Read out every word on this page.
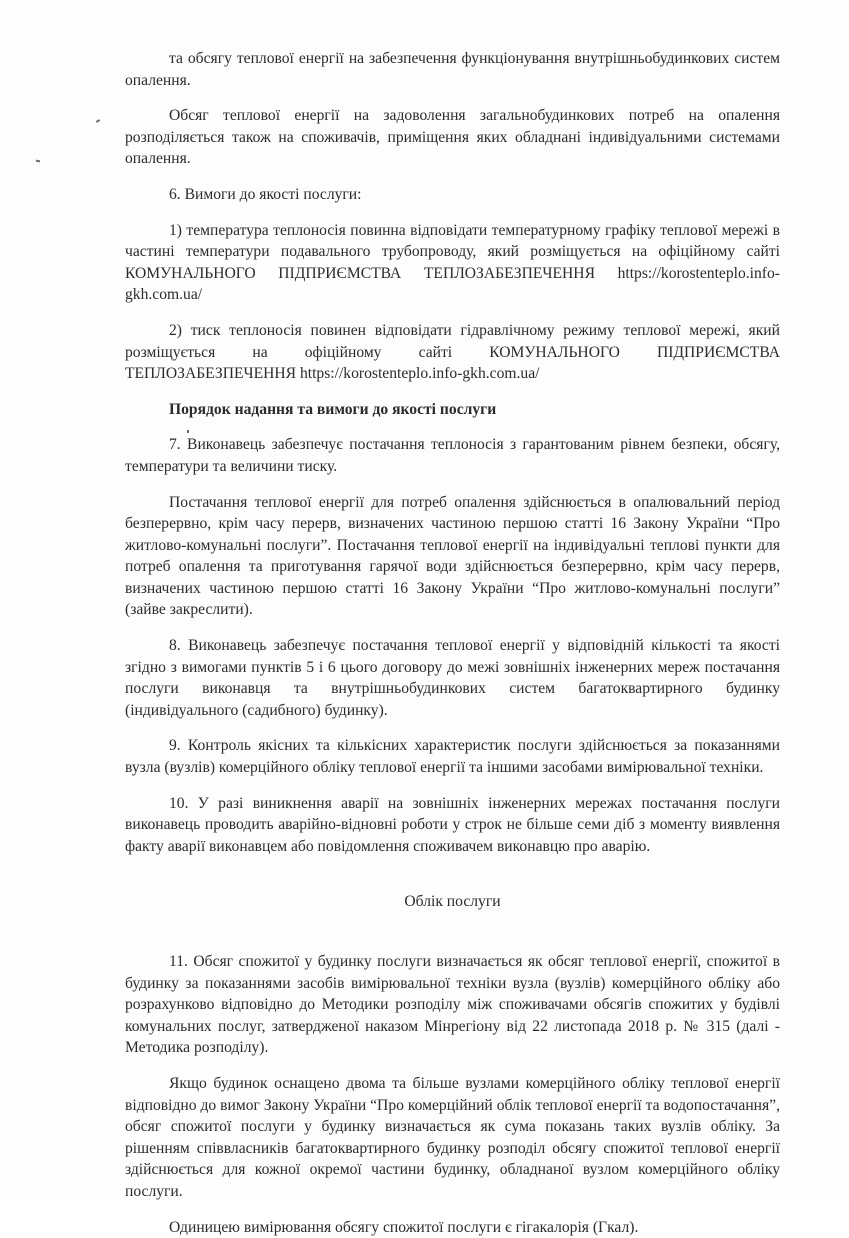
та обсягу теплової енергії на забезпечення функціонування внутрішньобудинкових систем опалення.

Обсяг теплової енергії на задоволення загальнобудинкових потреб на опалення розподіляється також на споживачів, приміщення яких обладнані індивідуальними системами опалення.

6. Вимоги до якості послуги:

1) температура теплоносія повинна відповідати температурному графіку теплової мережі в частині температури подавального трубопроводу, який розміщується на офіційному сайті КОМУНАЛЬНОГО ПІДПРИЄМСТВА ТЕПЛОЗАБЕЗПЕЧЕННЯ https://korostenteplo.info-gkh.com.ua/

2) тиск теплоносія повинен відповідати гідравлічному режиму теплової мережі, який розміщується на офіційному сайті КОМУНАЛЬНОГО ПІДПРИЄМСТВА ТЕПЛОЗАБЕЗПЕЧЕННЯ https://korostenteplo.info-gkh.com.ua/

Порядок надання та вимоги до якості послуги

7. Виконавець забезпечує постачання теплоносія з гарантованим рівнем безпеки, обсягу, температури та величини тиску.

Постачання теплової енергії для потреб опалення здійснюється в опалювальний період безперервно, крім часу перерв, визначених частиною першою статті 16 Закону України “Про житлово-комунальні послуги”. Постачання теплової енергії на індивідуальні теплові пункти для потреб опалення та приготування гарячої води здійснюється безперервно, крім часу перерв, визначених частиною першою статті 16 Закону України “Про житлово-комунальні послуги” (зайве закреслити).

8. Виконавець забезпечує постачання теплової енергії у відповідній кількості та якості згідно з вимогами пунктів 5 і 6 цього договору до межі зовнішніх інженерних мереж постачання послуги виконавця та внутрішньобудинкових систем багатоквартирного будинку (індивідуального (садибного) будинку).

9. Контроль якісних та кількісних характеристик послуги здійснюється за показаннями вузла (вузлів) комерційного обліку теплової енергії та іншими засобами вимірювальної техніки.

10. У разі виникнення аварії на зовнішніх інженерних мережах постачання послуги виконавець проводить аварійно-відновні роботи у строк не більше семи діб з моменту виявлення факту аварії виконавцем або повідомлення споживачем виконавцю про аварію.

Облік послуги

11. Обсяг спожитої у будинку послуги визначається як обсяг теплової енергії, спожитої в будинку за показаннями засобів вимірювальної техніки вузла (вузлів) комерційного обліку або розрахунково відповідно до Методики розподілу між споживачами обсягів спожитих у будівлі комунальних послуг, затвердженої наказом Мінрегіону від 22 листопада 2018 р. № 315 (далі - Методика розподілу).

Якщо будинок оснащено двома та більше вузлами комерційного обліку теплової енергії відповідно до вимог Закону України “Про комерційний облік теплової енергії та водопостачання”, обсяг спожитої послуги у будинку визначається як сума показань таких вузлів обліку. За рішенням співвласників багатоквартирного будинку розподіл обсягу спожитої теплової енергії здійснюється для кожної окремої частини будинку, обладнаної вузлом комерційного обліку послуги.

Одиницею вимірювання обсягу спожитої послуги є гігакалорія (Гкал).
